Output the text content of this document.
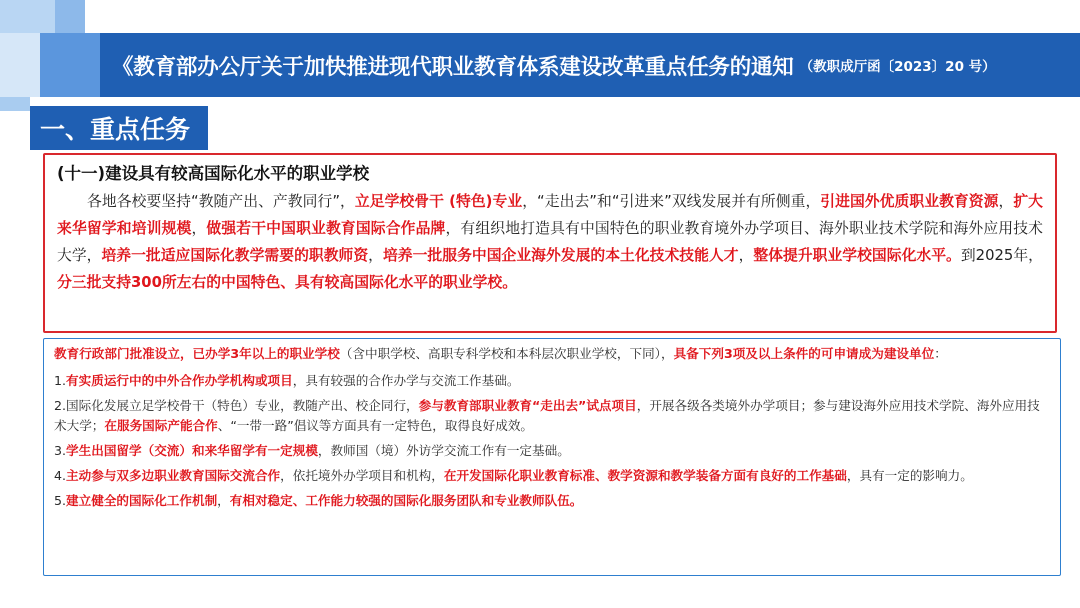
《教育部办公厅关于加快推进现代职业教育体系建设改革重点任务的通知 （教职成厅函〔2023〕20 号）
一、重点任务
(十一)建设具有较高国际化水平的职业学校
各地各校要坚持“教随产出、产教同行”，立足学校骨干 (特色)专业，“走出去”和“引进来”双线发展并有所侧重，引进国外优质职业教育资源，扩大来华留学和培训规模，做强若干中国职业教育国际合作品牌，有组织地打造具有中国特色的职业教育境外办学项目、海外职业技术学院和海外应用技术大学，培养一批适应国际化教学需要的职教师资，培养一批服务中国企业海外发展的本土化技术技能人才，整体提升职业学校国际化水平。到2025年，分三批支持300所左右的中国特色、具有较高国际化水平的职业学校。
教育行政部门批准设立，已办学3年以上的职业学校（含中职学校、高职专科学校和本科层次职业学校，下同），具备下列3项及以上条件的可申请成为建设单位：
1.有实质运行中的中外合作办学机构或项目，具有较强的合作办学与交流工作基础。
2.国际化发展立足学校骨干（特色）专业，教随产出、校企同行，参与教育部职业教育“走出去”试点项目，开展各级各类境外办学项目；参与建设海外应用技术学院、海外应用技术大学；在服务国际产能合作、“一带一路”倡议等方面具有一定特色，取得良好成效。
3.学生出国留学（交流）和来华留学有一定规模，教师国（境）外访学交流工作有一定基础。
4.主动参与双多边职业教育国际交流合作，依托境外办学项目和机构，在开发国际化职业教育标准、教学资源和教学装备方面有良好的工作基础，具有一定的影响力。
5.建立健全的国际化工作机制，有相对稳定、工作能力较强的国际化服务团队和专业教师队伍。
